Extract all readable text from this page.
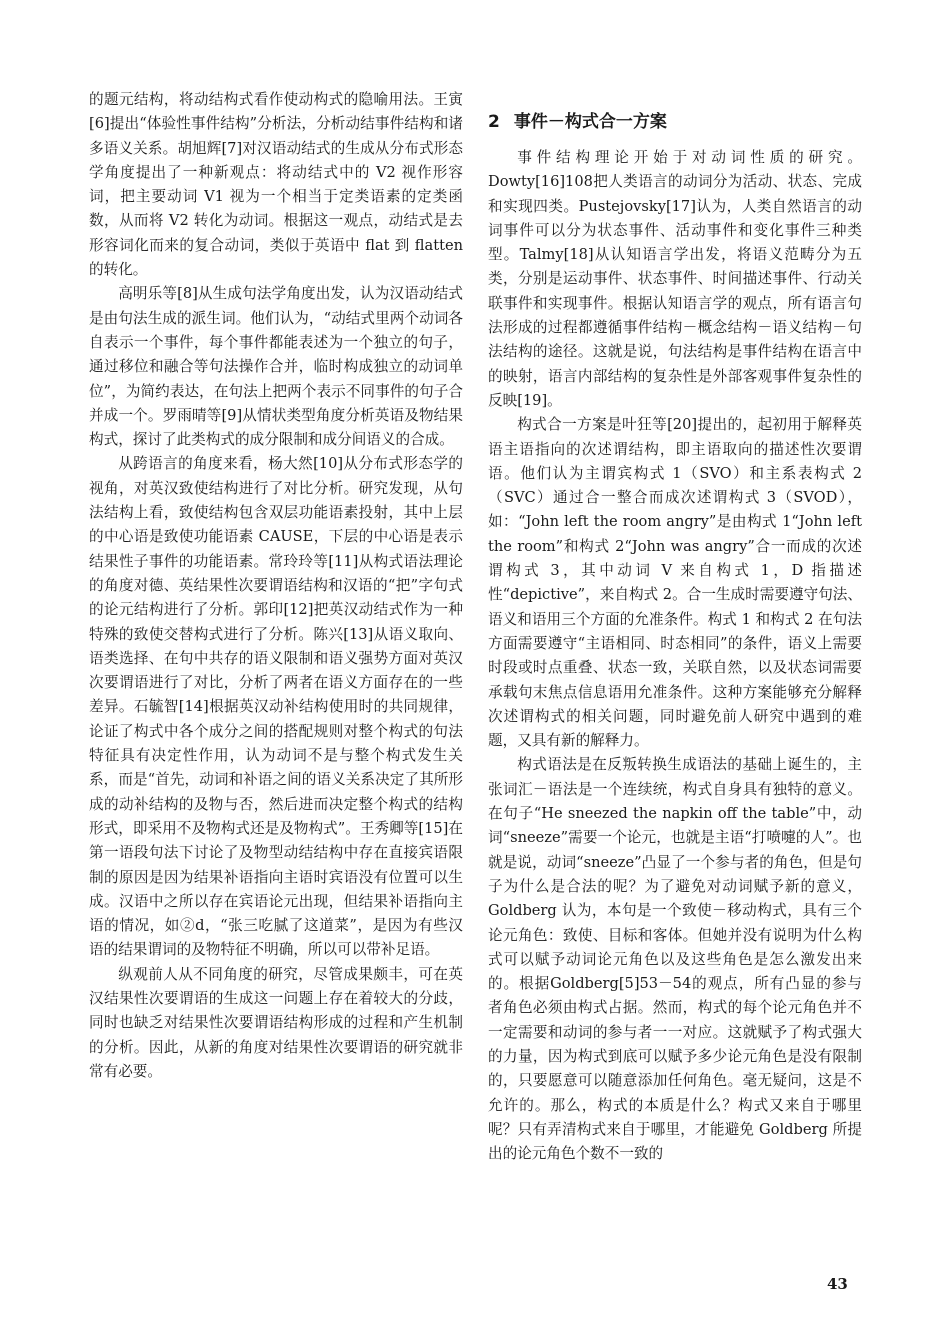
的题元结构，将动结构式看作使动构式的隐喻用法。王寅[6]提出“体验性事件结构”分析法，分析动结事件结构和诸多语义关系。胡旭辉[7]对汉语动结式的生成从分布式形态学角度提出了一种新观点：将动结式中的 V2 视作形容词，把主要动词 V1 视为一个相当于定类语素的定类函数，从而将 V2 转化为动词。根据这一观点，动结式是去形容词化而来的复合动词，类似于英语中 flat 到 flatten 的转化。

高明乐等[8]从生成句法学角度出发，认为汉语动结式是由句法生成的派生词。他们认为，“动结式里两个动词各自表示一个事件，每个事件都能表述为一个独立的句子，通过移位和融合等句法操作合并，临时构成独立的动词单位”，为简约表达，在句法上把两个表示不同事件的句子合并成一个。罗雨晴等[9]从情状类型角度分析英语及物结果构式，探讨了此类构式的成分限制和成分间语义的合成。

从跨语言的角度来看，杨大然[10]从分布式形态学的视角，对英汉致使结构进行了对比分析。研究发现，从句法结构上看，致使结构包含双层功能语素投射，其中上层的中心语是致使功能语素 CAUSE，下层的中心语是表示结果性子事件的功能语素。常玲玲等[11]从构式语法理论的角度对德、英结果性次要谓语结构和汉语的“把”字句式的论元结构进行了分析。郭印[12]把英汉动结式作为一种特殊的致使交替构式进行了分析。陈兴[13]从语义取向、语类选择、在句中共存的语义限制和语义强势方面对英汉次要谓语进行了对比，分析了两者在语义方面存在的一些差异。石毓智[14]根据英汉动补结构使用时的共同规律，论证了构式中各个成分之间的搭配规则对整个构式的句法特征具有决定性作用，认为动词不是与整个构式发生关系，而是“首先，动词和补语之间的语义关系决定了其所形成的动补结构的及物与否，然后进而决定整个构式的结构形式，即采用不及物构式还是及物构式”。王秀卿等[15]在第一语段句法下讨论了及物型动结结构中存在直接宾语限制的原因是因为结果补语指向主语时宾语没有位置可以生成。汉语中之所以存在宾语论元出现，但结果补语指向主语的情况，如②d，“张三吃腻了这道菜”，是因为有些汉语的结果谓词的及物特征不明确，所以可以带补足语。

纵观前人从不同角度的研究，尽管成果颇丰，可在英汉结果性次要谓语的生成这一问题上存在着较大的分歧，同时也缺乏对结果性次要谓语结构形成的过程和产生机制的分析。因此，从新的角度对结果性次要谓语的研究就非常有必要。

2 事件－构式合一方案

事件结构理论开始于对动词性质的研究。Dowty[16]108把人类语言的动词分为活动、状态、完成和实现四类。Pustejovsky[17]认为，人类自然语言的动词事件可以分为状态事件、活动事件和变化事件三种类型。Talmy[18]从认知语言学出发，将语义范畴分为五类，分别是运动事件、状态事件、时间描述事件、行动关联事件和实现事件。根据认知语言学的观点，所有语言句法形成的过程都遵循事件结构－概念结构－语义结构－句法结构的途径。这就是说，句法结构是事件结构在语言中的映射，语言内部结构的复杂性是外部客观事件复杂性的反映[19]。

构式合一方案是叶狂等[20]提出的，起初用于解释英语主语指向的次述谓结构，即主语取向的描述性次要谓语。他们认为主谓宾构式 1（SVO）和主系表构式 2（SVC）通过合一整合而成次述谓构式 3（SVOD），如：“John left the room angry”是由构式 1“John left the room”和构式 2“John was angry”合一而成的次述谓构式 3，其中动词 V 来自构式 1，D 指描述性“depictive”，来自构式 2。合一生成时需要遵守句法、语义和语用三个方面的允准条件。构式 1 和构式 2 在句法方面需要遵守“主语相同、时态相同”的条件，语义上需要时段或时点重叠、状态一致，关联自然，以及状态词需要承载句末焦点信息语用允准条件。这种方案能够充分解释次述谓构式的相关问题，同时避免前人研究中遇到的难题，又具有新的解释力。

构式语法是在反叛转换生成语法的基础上诞生的，主张词汇－语法是一个连续统，构式自身具有独特的意义。在句子“He sneezed the napkin off the table”中，动词“sneeze”需要一个论元，也就是主语“打喷嚏的人”。也就是说，动词“sneeze”凸显了一个参与者的角色，但是句子为什么是合法的呢？为了避免对动词赋予新的意义，Goldberg 认为，本句是一个致使－移动构式，具有三个论元角色：致使、目标和客体。但她并没有说明为什么构式可以赋予动词论元角色以及这些角色是怎么激发出来的。根据Goldberg[5]53－54的观点，所有凸显的参与者角色必须由构式占据。然而，构式的每个论元角色并不一定需要和动词的参与者一一对应。这就赋予了构式强大的力量，因为构式到底可以赋予多少论元角色是没有限制的，只要愿意可以随意添加任何角色。毫无疑问，这是不允许的。那么，构式的本质是什么？构式又来自于哪里呢？只有弄清构式来自于哪里，才能避免 Goldberg 所提出的论元角色个数不一致的

43
